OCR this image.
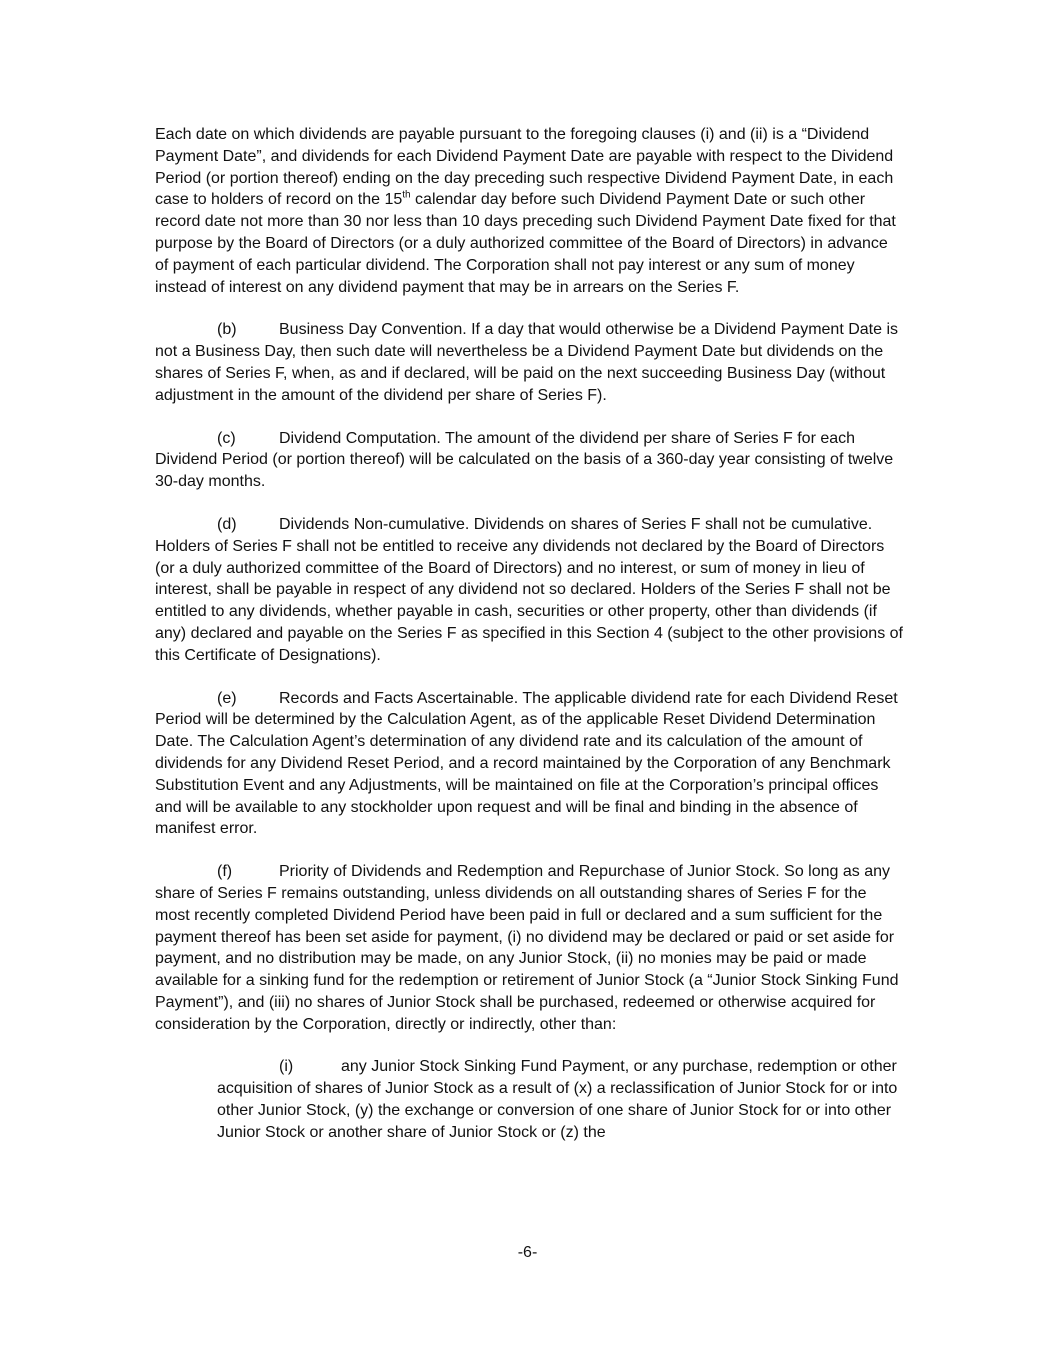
Each date on which dividends are payable pursuant to the foregoing clauses (i) and (ii) is a “Dividend Payment Date”, and dividends for each Dividend Payment Date are payable with respect to the Dividend Period (or portion thereof) ending on the day preceding such respective Dividend Payment Date, in each case to holders of record on the 15th calendar day before such Dividend Payment Date or such other record date not more than 30 nor less than 10 days preceding such Dividend Payment Date fixed for that purpose by the Board of Directors (or a duly authorized committee of the Board of Directors) in advance of payment of each particular dividend. The Corporation shall not pay interest or any sum of money instead of interest on any dividend payment that may be in arrears on the Series F.

(b)	Business Day Convention. If a day that would otherwise be a Dividend Payment Date is not a Business Day, then such date will nevertheless be a Dividend Payment Date but dividends on the shares of Series F, when, as and if declared, will be paid on the next succeeding Business Day (without adjustment in the amount of the dividend per share of Series F).

(c)	Dividend Computation. The amount of the dividend per share of Series F for each Dividend Period (or portion thereof) will be calculated on the basis of a 360-day year consisting of twelve 30-day months.

(d)	Dividends Non-cumulative. Dividends on shares of Series F shall not be cumulative. Holders of Series F shall not be entitled to receive any dividends not declared by the Board of Directors (or a duly authorized committee of the Board of Directors) and no interest, or sum of money in lieu of interest, shall be payable in respect of any dividend not so declared. Holders of the Series F shall not be entitled to any dividends, whether payable in cash, securities or other property, other than dividends (if any) declared and payable on the Series F as specified in this Section 4 (subject to the other provisions of this Certificate of Designations).

(e)	Records and Facts Ascertainable. The applicable dividend rate for each Dividend Reset Period will be determined by the Calculation Agent, as of the applicable Reset Dividend Determination Date. The Calculation Agent’s determination of any dividend rate and its calculation of the amount of dividends for any Dividend Reset Period, and a record maintained by the Corporation of any Benchmark Substitution Event and any Adjustments, will be maintained on file at the Corporation’s principal offices and will be available to any stockholder upon request and will be final and binding in the absence of manifest error.

(f)	Priority of Dividends and Redemption and Repurchase of Junior Stock. So long as any share of Series F remains outstanding, unless dividends on all outstanding shares of Series F for the most recently completed Dividend Period have been paid in full or declared and a sum sufficient for the payment thereof has been set aside for payment, (i) no dividend may be declared or paid or set aside for payment, and no distribution may be made, on any Junior Stock, (ii) no monies may be paid or made available for a sinking fund for the redemption or retirement of Junior Stock (a “Junior Stock Sinking Fund Payment”), and (iii) no shares of Junior Stock shall be purchased, redeemed or otherwise acquired for consideration by the Corporation, directly or indirectly, other than:

(i)	any Junior Stock Sinking Fund Payment, or any purchase, redemption or other acquisition of shares of Junior Stock as a result of (x) a reclassification of Junior Stock for or into other Junior Stock, (y) the exchange or conversion of one share of Junior Stock for or into other Junior Stock or another share of Junior Stock or (z) the

-6-
